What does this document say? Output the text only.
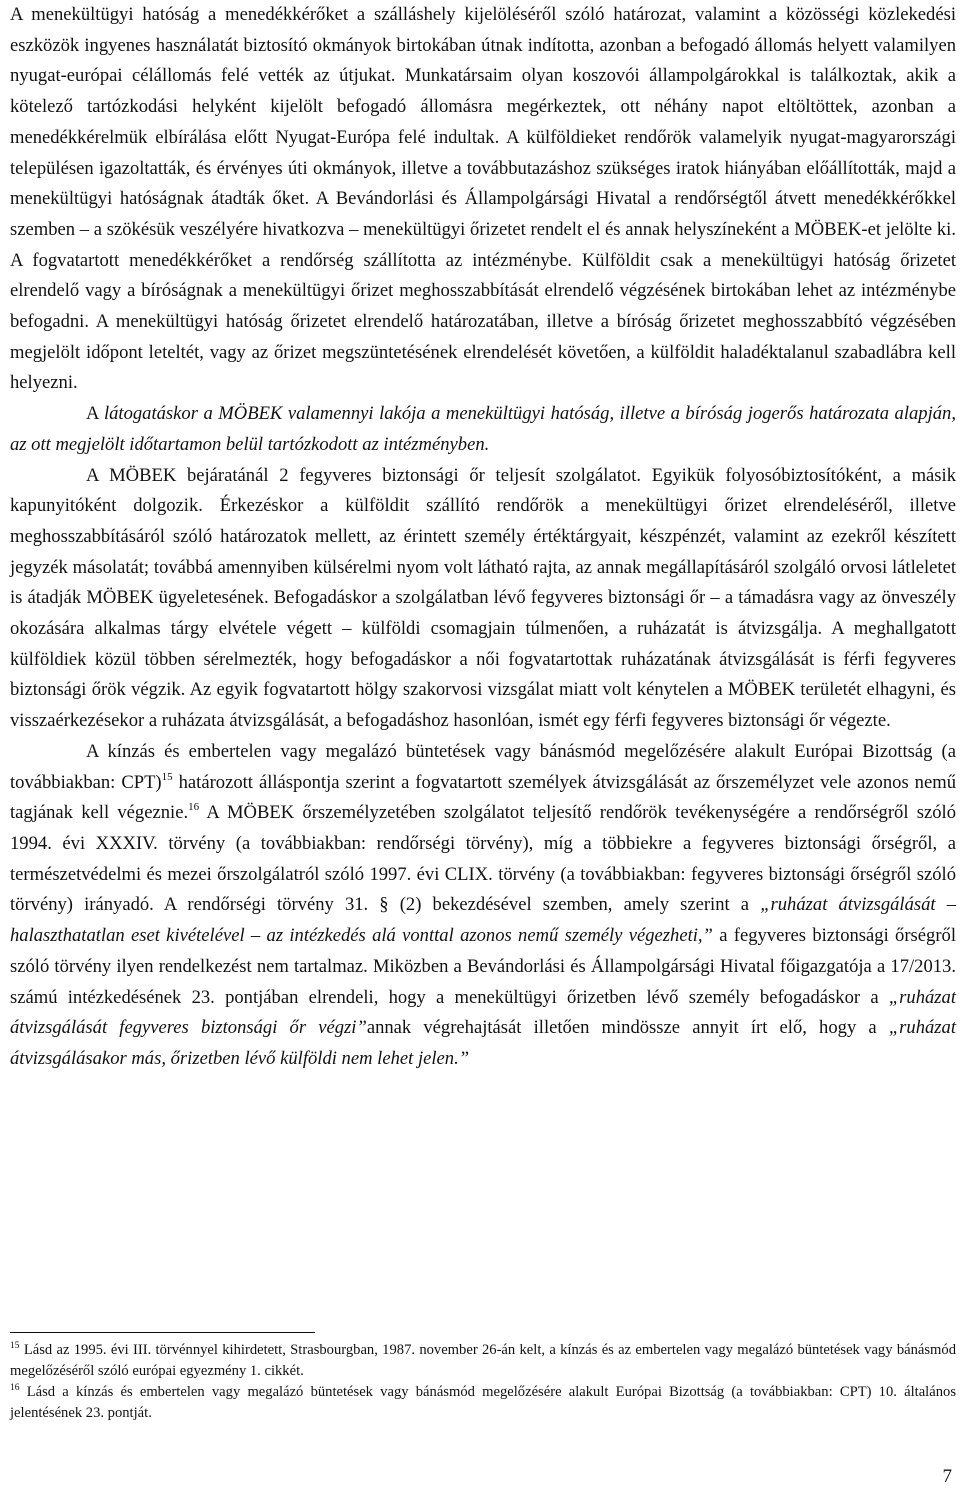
A menekültügyi hatóság a menedékkérőket a szálláshely kijelöléséről szóló határozat, valamint a közösségi közlekedési eszközök ingyenes használatát biztosító okmányok birtokában útnak indította, azonban a befogadó állomás helyett valamilyen nyugat-európai célállomás felé vették az útjukat. Munkatársaim olyan koszovói állampolgárokkal is találkoztak, akik a kötelező tartózkodási helyként kijelölt befogadó állomásra megérkeztek, ott néhány napot eltöltöttek, azonban a menedékkérelmük elbírálása előtt Nyugat-Európa felé indultak. A külföldieket rendőrök valamelyik nyugat-magyarországi településen igazoltatták, és érvényes úti okmányok, illetve a továbbutazáshoz szükséges iratok hiányában előállították, majd a menekültügyi hatóságnak átadták őket. A Bevándorlási és Állampolgársági Hivatal a rendőrségtől átvett menedékkérőkkel szemben – a szökésük veszélyére hivatkozva – menekültügyi őrizetet rendelt el és annak helyszíneként a MÖBEK-et jelölte ki. A fogvatartott menedékkérőket a rendőrség szállította az intézménybe. Külföldit csak a menekültügyi hatóság őrizetet elrendelő vagy a bíróságnak a menekültügyi őrizet meghosszabbítását elrendelő végzésének birtokában lehet az intézménybe befogadni. A menekültügyi hatóság őrizetet elrendelő határozatában, illetve a bíróság őrizetet meghosszabbító végzésében megjelölt időpont leteltét, vagy az őrizet megszüntetésének elrendelését követően, a külföldit haladéktalanul szabadlábra kell helyezni.

A látogatáskor a MÖBEK valamennyi lakója a menekültügyi hatóság, illetve a bíróság jogerős határozata alapján, az ott megjelölt időtartamon belül tartózkodott az intézményben.

A MÖBEK bejáratánál 2 fegyveres biztonsági őr teljesít szolgálatot. Egyikük folyosóbiztosítóként, a másik kapunyitóként dolgozik. Érkezéskor a külföldit szállító rendőrök a menekültügyi őrizet elrendeléséről, illetve meghosszabbításáról szóló határozatok mellett, az érintett személy értéktárgyait, készpénzét, valamint az ezekről készített jegyzék másolatát; továbbá amennyiben külsérelmi nyom volt látható rajta, az annak megállapításáról szolgáló orvosi látleletet is átadják MÖBEK ügyeletesének. Befogadáskor a szolgálatban lévő fegyveres biztonsági őr – a támadásra vagy az önveszély okozására alkalmas tárgy elvétele végett – külföldi csomagjain túlmenően, a ruházatát is átvizsgálja. A meghallgatott külföldiek közül többen sérelmezték, hogy befogadáskor a női fogvatartottak ruházatának átvizsgálását is férfi fegyveres biztonsági őrök végzik. Az egyik fogvatartott hölgy szakorvosi vizsgálat miatt volt kénytelen a MÖBEK területét elhagyni, és visszaérkezésekor a ruházata átvizsgálását, a befogadáshoz hasonlóan, ismét egy férfi fegyveres biztonsági őr végezte.

A kínzás és embertelen vagy megalázó büntetések vagy bánásmód megelőzésére alakult Európai Bizottság (a továbbiakban: CPT)$^{15}$ határozott álláspontja szerint a fogvatartott személyek átvizsgálását az őrszemélyzet vele azonos nemű tagjának kell végeznie.$^{16}$ A MÖBEK őrszemélyzetében szolgálatot teljesítő rendőrök tevékenységére a rendőrségről szóló 1994. évi XXXIV. törvény (a továbbiakban: rendőrségi törvény), míg a többiekre a fegyveres biztonsági őrségről, a természetvédelmi és mezei őrszolgálatról szóló 1997. évi CLIX. törvény (a továbbiakban: fegyveres biztonsági őrségről szóló törvény) irányadó. A rendőrségi törvény 31. § (2) bekezdésével szemben, amely szerint a „ruházat átvizsgálását – halaszthatatlan eset kivételével – az intézkedés alá vonttal azonos nemű személy végezheti,” a fegyveres biztonsági őrségről szóló törvény ilyen rendelkezést nem tartalmaz. Miközben a Bevándorlási és Állampolgársági Hivatal főigazgatója a 17/2013. számú intézkedésének 23. pontjában elrendeli, hogy a menekültügyi őrizetben lévő személy befogadáskor a „ruházat átvizsgálását fegyveres biztonsági őr végzi”annak végrehajtását illetően mindössze annyit írt elő, hogy a „ruházat átvizsgálásakor más, őrizetben lévő külföldi nem lehet jelen.”

$^{15}$ Lásd az 1995. évi III. törvénnyel kihirdetett, Strasbourgban, 1987. november 26-án kelt, a kínzás és az embertelen vagy megalázó büntetések vagy bánásmód megelőzéséről szóló európai egyezmény 1. cikkét.

$^{16}$ Lásd a kínzás és embertelen vagy megalázó büntetések vagy bánásmód megelőzésére alakult Európai Bizottság (a továbbiakban: CPT) 10. általános jelentésének 23. pontját.

7
